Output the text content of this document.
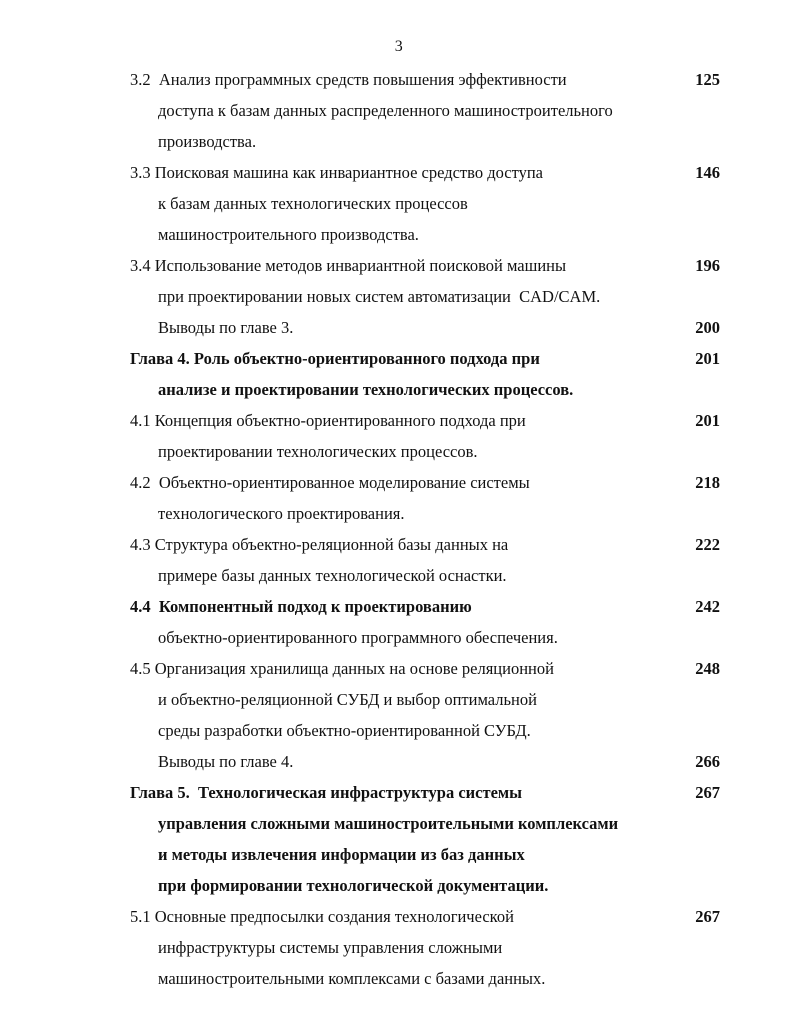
3
3.2  Анализ программных средств повышения эффективности
доступа к базам данных распределенного машиностроительного
производства.
125
3.3 Поисковая машина как инвариантное средство доступа
к базам данных технологических процессов
машиностроительного производства.
146
3.4 Использование методов инвариантной поисковой машины
при проектировании новых систем автоматизации  CAD/CAM.
196
Выводы по главе 3.	200
Глава 4. Роль объектно-ориентированного подхода при
анализе и проектировании технологических процессов.
201
4.1 Концепция объектно-ориентированного подхода при
проектировании технологических процессов.
201
4.2  Объектно-ориентированное моделирование системы
технологического проектирования.
218
4.3 Структура объектно-реляционной базы данных на
примере базы данных технологической оснастки.
222
4.4  Компонентный подход к проектированию
объектно-ориентированного программного обеспечения.
242
4.5 Организация хранилища данных на основе реляционной
и объектно-реляционной СУБД и выбор оптимальной
среды разработки объектно-ориентированной СУБД.
248
Выводы по главе 4.	266
Глава 5.  Технологическая инфраструктура системы
управления сложными машиностроительными комплексами
и методы извлечения информации из баз данных
при формировании технологической документации.
267
5.1 Основные предпосылки создания технологической
инфраструктуры системы управления сложными
машиностроительными комплексами с базами данных.
267
